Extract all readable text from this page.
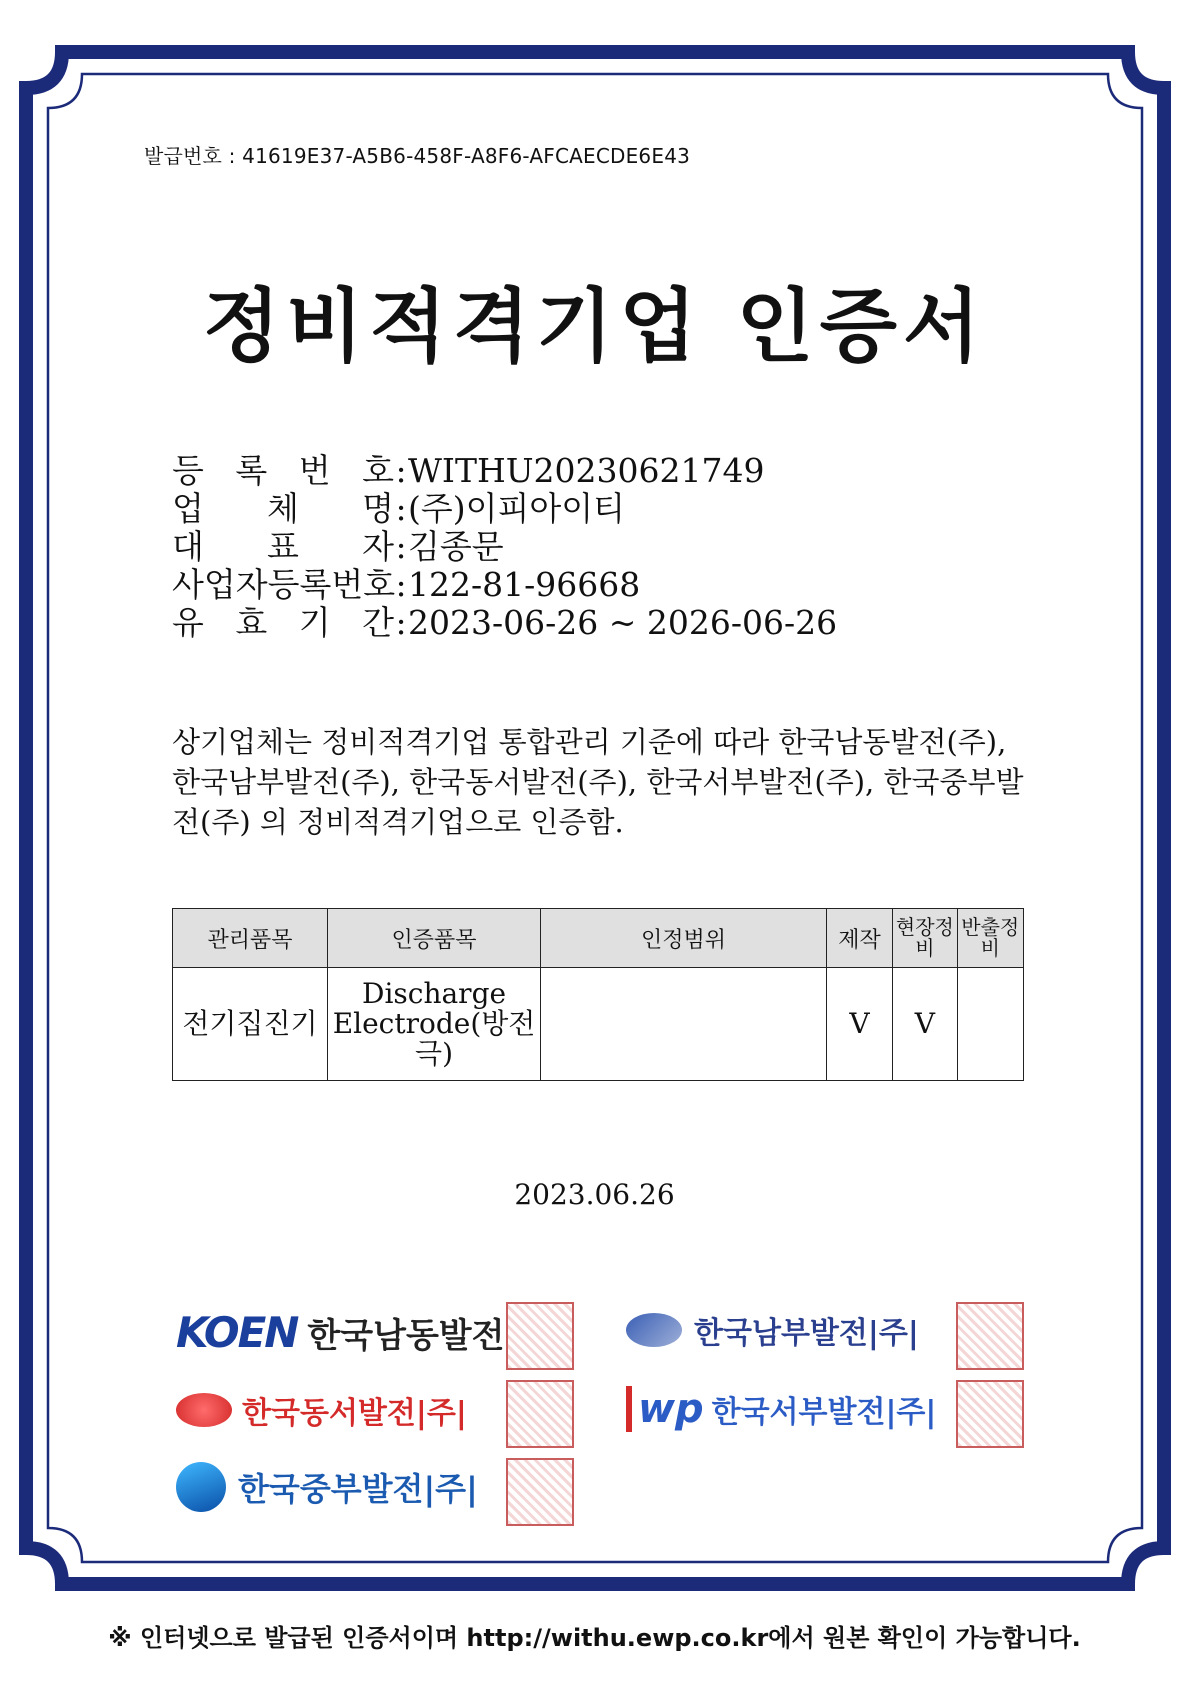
발급번호 : 41619E37-A5B6-458F-A8F6-AFCAECDE6E43
정비적격기업 인증서
등 록 번 호 : WITHU20230621749
업 체 명 : (주)이피아이티
대 표 자 : 김종문
사업자등록번호 : 122-81-96668
유 효 기 간 : 2023-06-26 ~ 2026-06-26
상기업체는 정비적격기업 통합관리 기준에 따라 한국남동발전(주), 한국남부발전(주), 한국동서발전(주), 한국서부발전(주), 한국중부발전(주) 의 정비적격기업으로 인증함.
관리품목	인증품목	인정범위	제작	현장정비	반출정비
전기집진기	Discharge Electrode(방전극)		V	V	
2023.06.26
KOEN 한국남동발전	한국남부발전|주|
한국동서발전|주|	wp 한국서부발전|주|
한국중부발전|주|
※ 인터넷으로 발급된 인증서이며 http://withu.ewp.co.kr에서 원본 확인이 가능합니다.
